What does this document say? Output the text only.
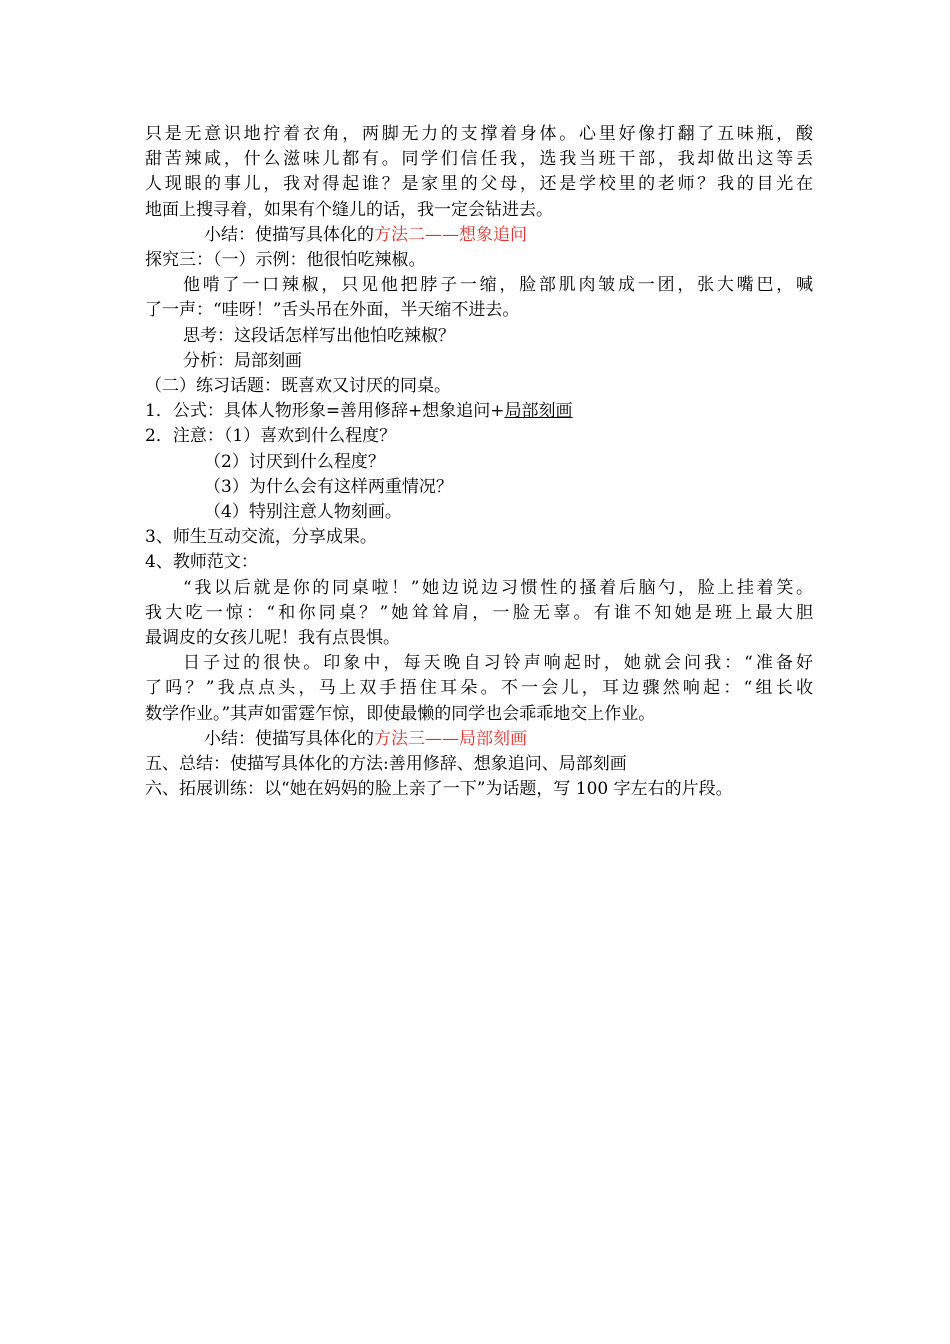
只是无意识地拧着衣角，两脚无力的支撑着身体。心里好像打翻了五味瓶，酸
甜苦辣咸，什么滋味儿都有。同学们信任我，选我当班干部，我却做出这等丢
人现眼的事儿，我对得起谁？是家里的父母，还是学校里的老师？我的目光在
地面上搜寻着，如果有个缝儿的话，我一定会钻进去。
小结：使描写具体化的方法二——想象追问
探究三：（一）示例：他很怕吃辣椒。
他啃了一口辣椒，只见他把脖子一缩，脸部肌肉皱成一团，张大嘴巴，喊
了一声：“哇呀！”舌头吊在外面，半天缩不进去。
思考：这段话怎样写出他怕吃辣椒？
分析：局部刻画
（二）练习话题：既喜欢又讨厌的同桌。
1．公式：具体人物形象=善用修辞+想象追问+局部刻画
2．注意：（1）喜欢到什么程度？
（2）讨厌到什么程度？
（3）为什么会有这样两重情况？
（4）特别注意人物刻画。
3、师生互动交流，分享成果。
4、教师范文：
“我以后就是你的同桌啦！”她边说边习惯性的搔着后脑勺，脸上挂着笑。
我大吃一惊：“和你同桌？”她耸耸肩，一脸无辜。有谁不知她是班上最大胆
最调皮的女孩儿呢！我有点畏惧。
日子过的很快。印象中，每天晚自习铃声响起时，她就会问我：“准备好
了吗？”我点点头，马上双手捂住耳朵。不一会儿，耳边骤然响起：“组长收
数学作业。”其声如雷霆乍惊，即使最懒的同学也会乖乖地交上作业。
小结：使描写具体化的方法三——局部刻画
五、总结：使描写具体化的方法:善用修辞、想象追问、局部刻画
六、拓展训练：以“她在妈妈的脸上亲了一下”为话题，写 100 字左右的片段。
